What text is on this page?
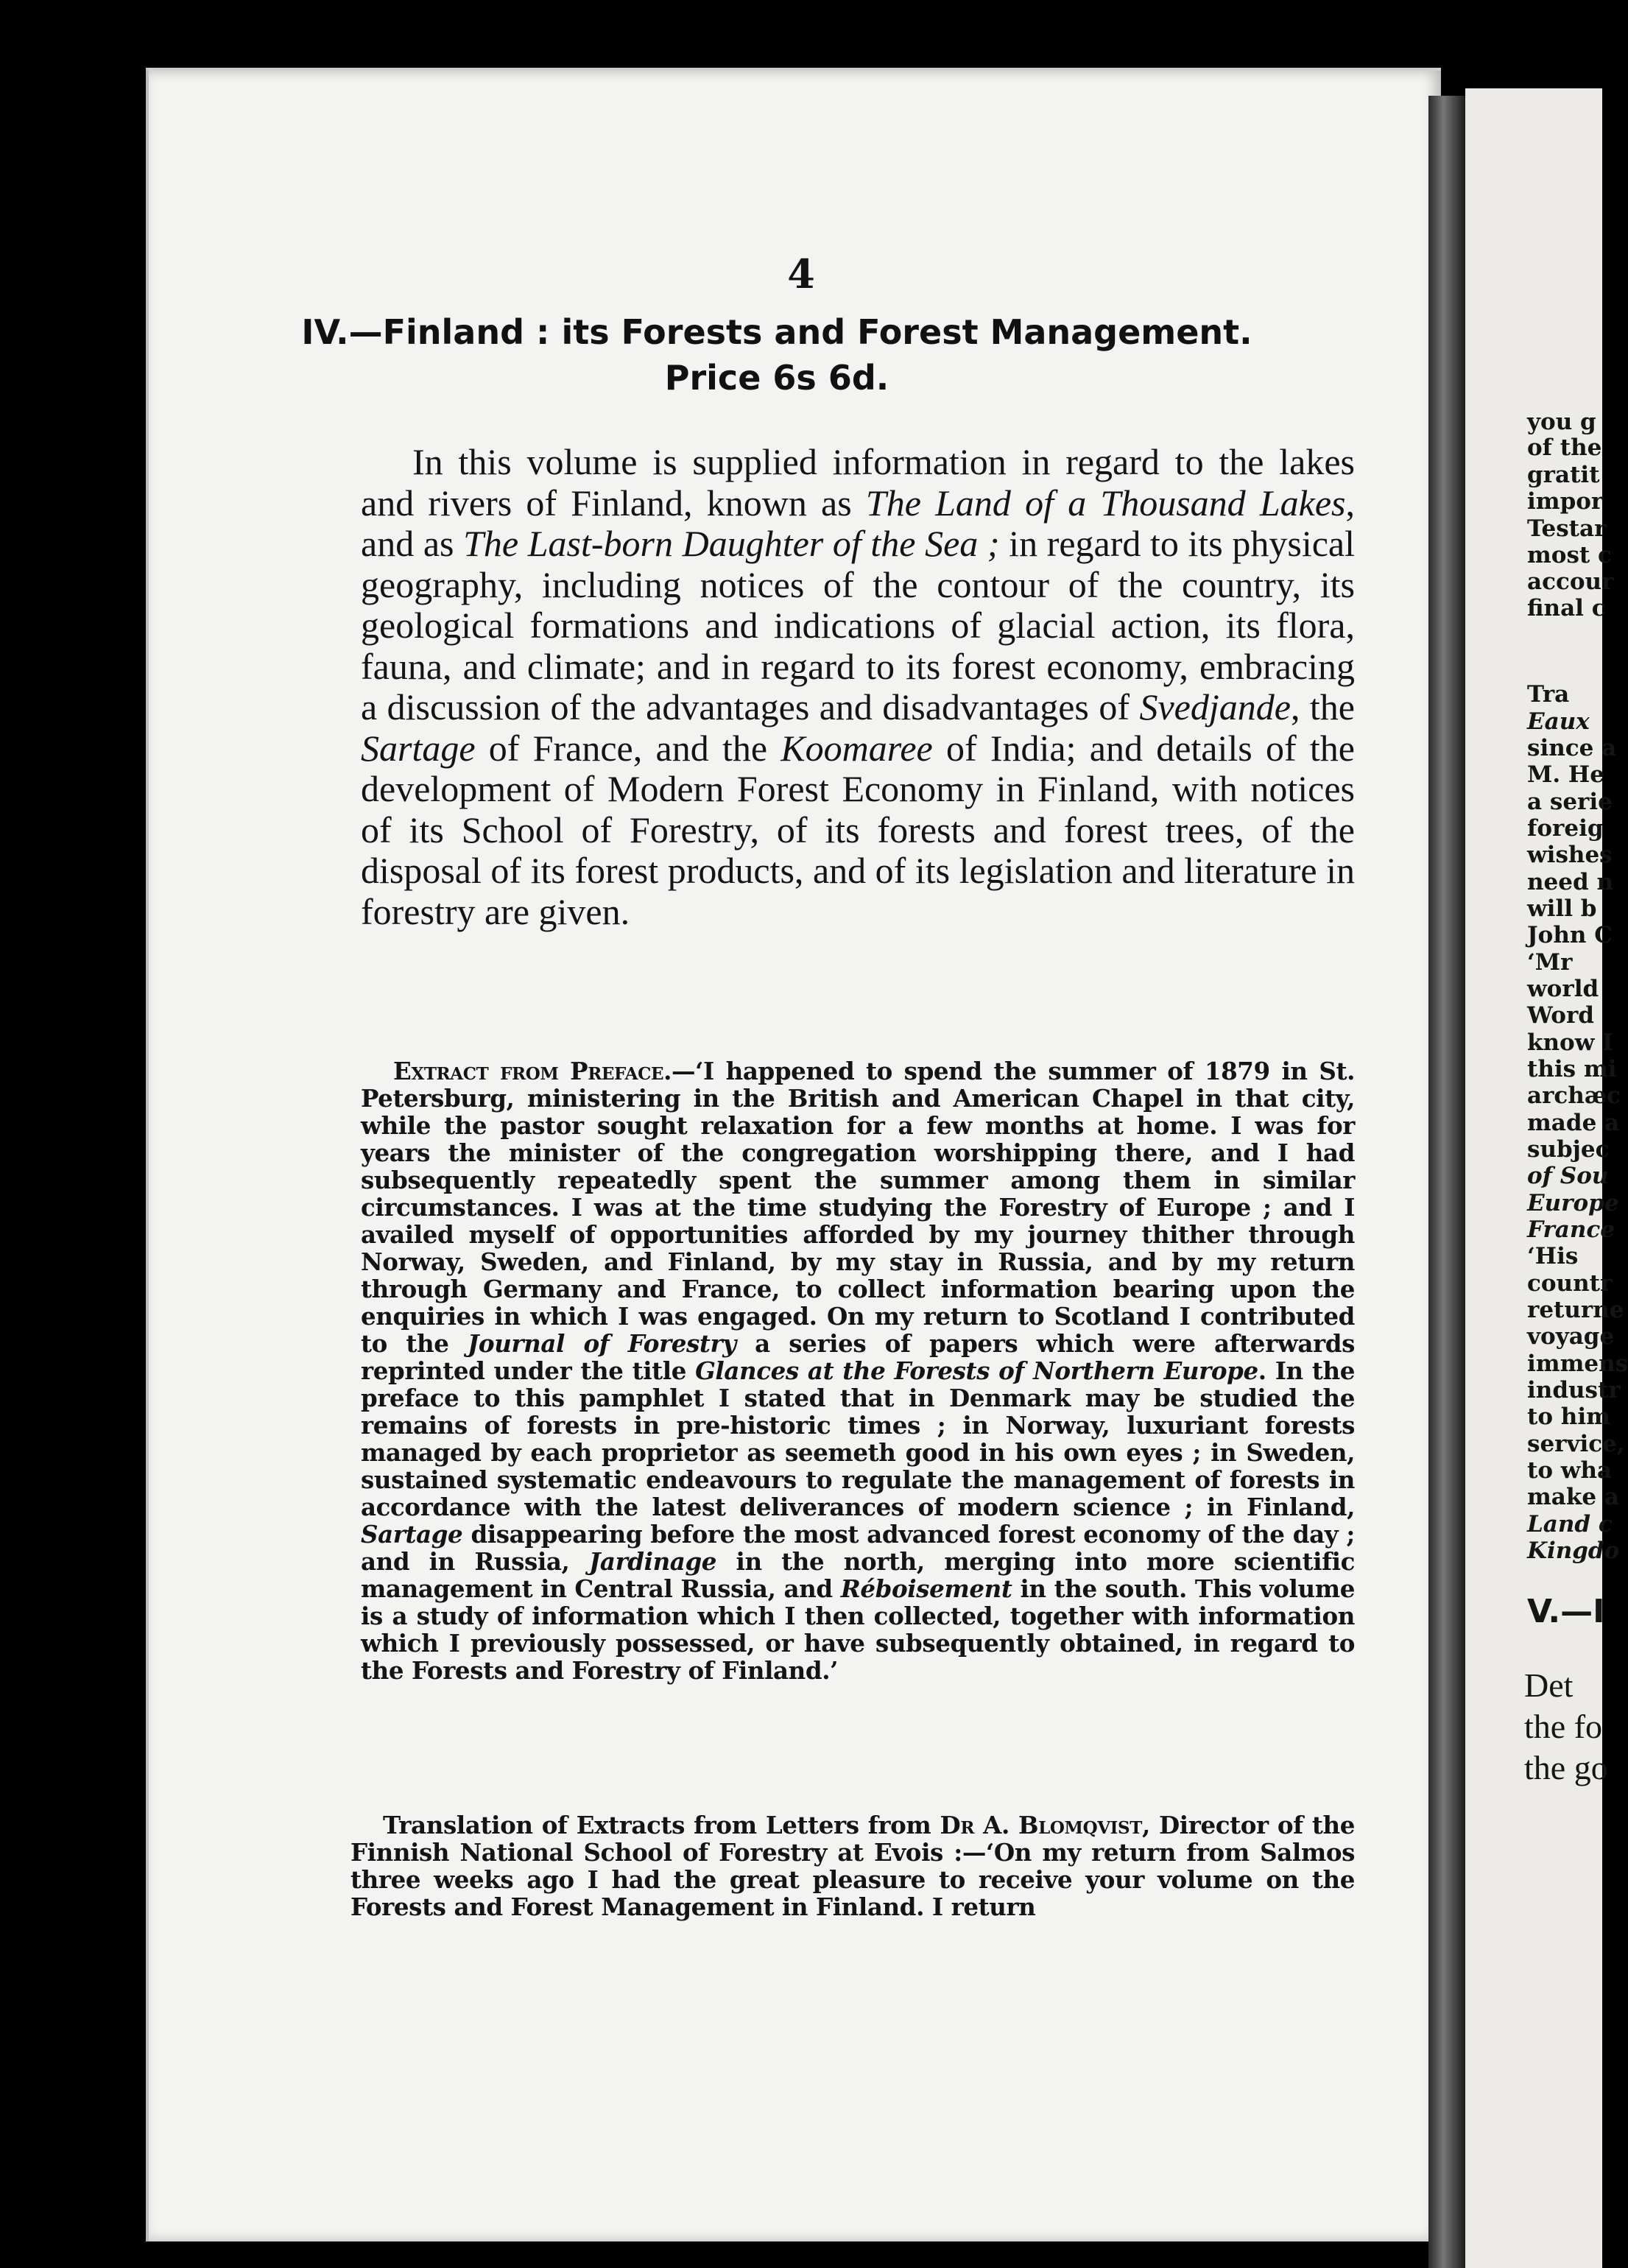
you g
of the
gratit
impor
Testar
most c
accour
final c
Tra
Eaux
since a
M. He
a serie
foreig
wishes
need n
will b
John C
‘Mr
world
Word
know I
this mi
archæc
made a
subjec
of Sou
Europe
France
‘His
countr
returne
voyage
immens
industr
to him
service,
to wha
make a
Land c
Kingdo
V.—I
Det
the fo
the go
4
IV.—Finland : its Forests and Forest Management.
Price 6s 6d.

In this volume is supplied information in regard to the lakes and rivers of Finland, known as The Land of a Thousand Lakes, and as The Last-born Daughter of the Sea ; in regard to its physical geography, including notices of the contour of the country, its geological formations and indications of glacial action, its flora, fauna, and climate; and in regard to its forest economy, embracing a discussion of the advantages and disadvantages of Svedjande, the Sartage of France, and the Koomaree of India; and details of the development of Modern Forest Economy in Finland, with notices of its School of Forestry, of its forests and forest trees, of the disposal of its forest products, and of its legislation and literature in forestry are given.

Extract from Preface.—‘I happened to spend the summer of 1879 in St. Petersburg, ministering in the British and American Chapel in that city, while the pastor sought relaxation for a few months at home. I was for years the minister of the congregation worshipping there, and I had subsequently repeatedly spent the summer among them in similar circumstances. I was at the time studying the Forestry of Europe ; and I availed myself of opportunities afforded by my journey thither through Norway, Sweden, and Finland, by my stay in Russia, and by my return through Germany and France, to collect information bearing upon the enquiries in which I was engaged. On my return to Scotland I contributed to the Journal of Forestry a series of papers which were afterwards reprinted under the title Glances at the Forests of Northern Europe. In the preface to this pamphlet I stated that in Denmark may be studied the remains of forests in pre-historic times ; in Norway, luxuriant forests managed by each proprietor as seemeth good in his own eyes ; in Sweden, sustained systematic endeavours to regulate the management of forests in accordance with the latest deliverances of modern science ; in Finland, Sartage disappearing before the most advanced forest economy of the day ; and in Russia, Jardinage in the north, merging into more scientific management in Central Russia, and Réboisement in the south. This volume is a study of information which I then collected, together with information which I previously possessed, or have subsequently obtained, in regard to the Forests and Forestry of Finland.’

Translation of Extracts from Letters from Dr A. Blomqvist, Director of the Finnish National School of Forestry at Evois :—‘On my return from Salmos three weeks ago I had the great pleasure to receive your volume on the Forests and Forest Management in Finland. I return
